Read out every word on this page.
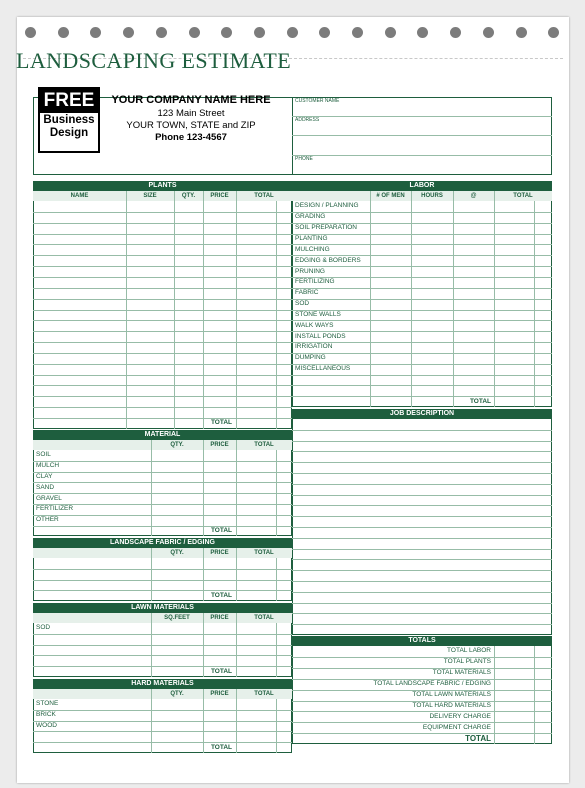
LANDSCAPING ESTIMATE
FREE
Business
Design
YOUR COMPANY NAME HERE
123 Main Street
YOUR TOWN, STATE and ZIP
Phone 123-4567
CUSTOMER NAME
ADDRESS
PHONE
PLANTS
NAME	SIZE	QTY.	PRICE	TOTAL
TOTAL
LABOR
# OF MEN	HOURS	@	TOTAL
DESIGN / PLANNING
GRADING
SOIL PREPARATION
PLANTING
MULCHING
EDGING & BORDERS
PRUNING
FERTILIZING
FABRIC
SOD
STONE WALLS
WALK WAYS
INSTALL PONDS
IRRIGATION
DUMPING
MISCELLANEOUS
TOTAL
MATERIAL
QTY.	PRICE	TOTAL
SOIL
MULCH
CLAY
SAND
GRAVEL
FERTILIZER
OTHER
TOTAL
LANDSCAPE FABRIC / EDGING
QTY.	PRICE	TOTAL
TOTAL
LAWN MATERIALS
SQ.FEET	PRICE	TOTAL
SOD
TOTAL
HARD MATERIALS
QTY.	PRICE	TOTAL
STONE
BRICK
WOOD
TOTAL
JOB DESCRIPTION
TOTALS
TOTAL LABOR
TOTAL PLANTS
TOTAL MATERIALS
TOTAL LANDSCAPE FABRIC / EDGING
TOTAL LAWN MATERIALS
TOTAL HARD MATERIALS
DELIVERY CHARGE
EQUIPMENT CHARGE
TOTAL
